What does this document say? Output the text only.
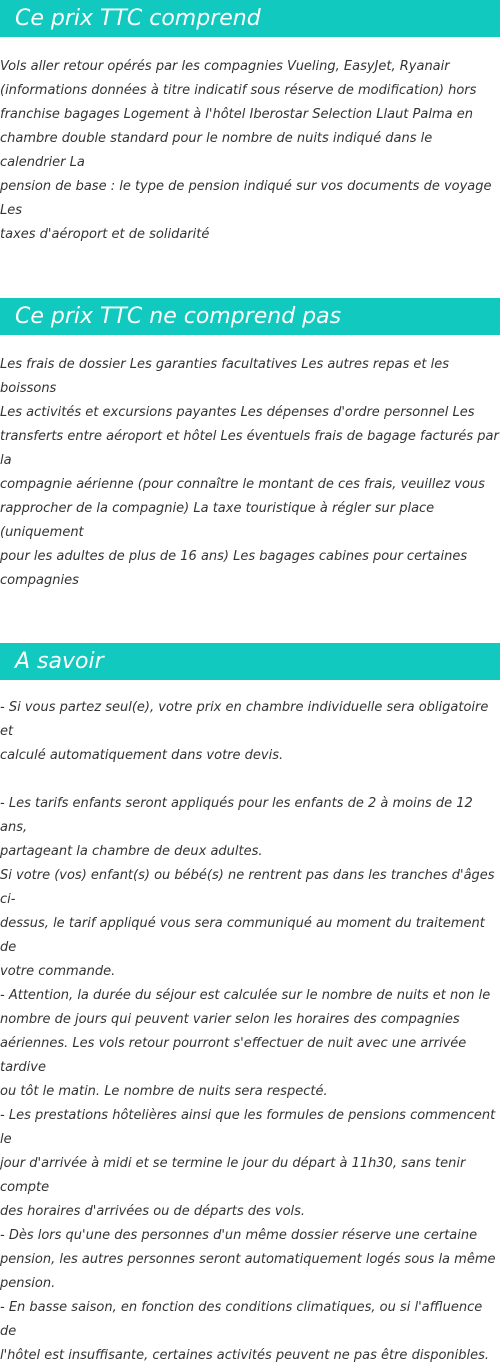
Ce prix TTC comprend

Vols aller retour opérés par les compagnies Vueling, EasyJet, Ryanair
(informations données à titre indicatif sous réserve de modification) hors
franchise bagages Logement à l'hôtel Iberostar Selection Llaut Palma en
chambre double standard pour le nombre de nuits indiqué dans le calendrier La
pension de base : le type de pension indiqué sur vos documents de voyage Les
taxes d'aéroport et de solidarité

Ce prix TTC ne comprend pas

Les frais de dossier Les garanties facultatives Les autres repas et les boissons
Les activités et excursions payantes Les dépenses d'ordre personnel Les
transferts entre aéroport et hôtel Les éventuels frais de bagage facturés par la
compagnie aérienne (pour connaître le montant de ces frais, veuillez vous
rapprocher de la compagnie) La taxe touristique à régler sur place (uniquement
pour les adultes de plus de 16 ans) Les bagages cabines pour certaines
compagnies

A savoir

- Si vous partez seul(e), votre prix en chambre individuelle sera obligatoire et
calculé automatiquement dans votre devis.

- Les tarifs enfants seront appliqués pour les enfants de 2 à moins de 12 ans,
partageant la chambre de deux adultes.
Si votre (vos) enfant(s) ou bébé(s) ne rentrent pas dans les tranches d'âges ci-
dessus, le tarif appliqué vous sera communiqué au moment du traitement de
votre commande.
- Attention, la durée du séjour est calculée sur le nombre de nuits et non le
nombre de jours qui peuvent varier selon les horaires des compagnies
aériennes. Les vols retour pourront s'effectuer de nuit avec une arrivée tardive
ou tôt le matin. Le nombre de nuits sera respecté.
- Les prestations hôtelières ainsi que les formules de pensions commencent le
jour d'arrivée à midi et se termine le jour du départ à 11h30, sans tenir compte
des horaires d'arrivées ou de départs des vols.
- Dès lors qu'une des personnes d'un même dossier réserve une certaine
pension, les autres personnes seront automatiquement logés sous la même
pension.
- En basse saison, en fonction des conditions climatiques, ou si l'affluence de
l'hôtel est insuffisante, certaines activités peuvent ne pas être disponibles.
